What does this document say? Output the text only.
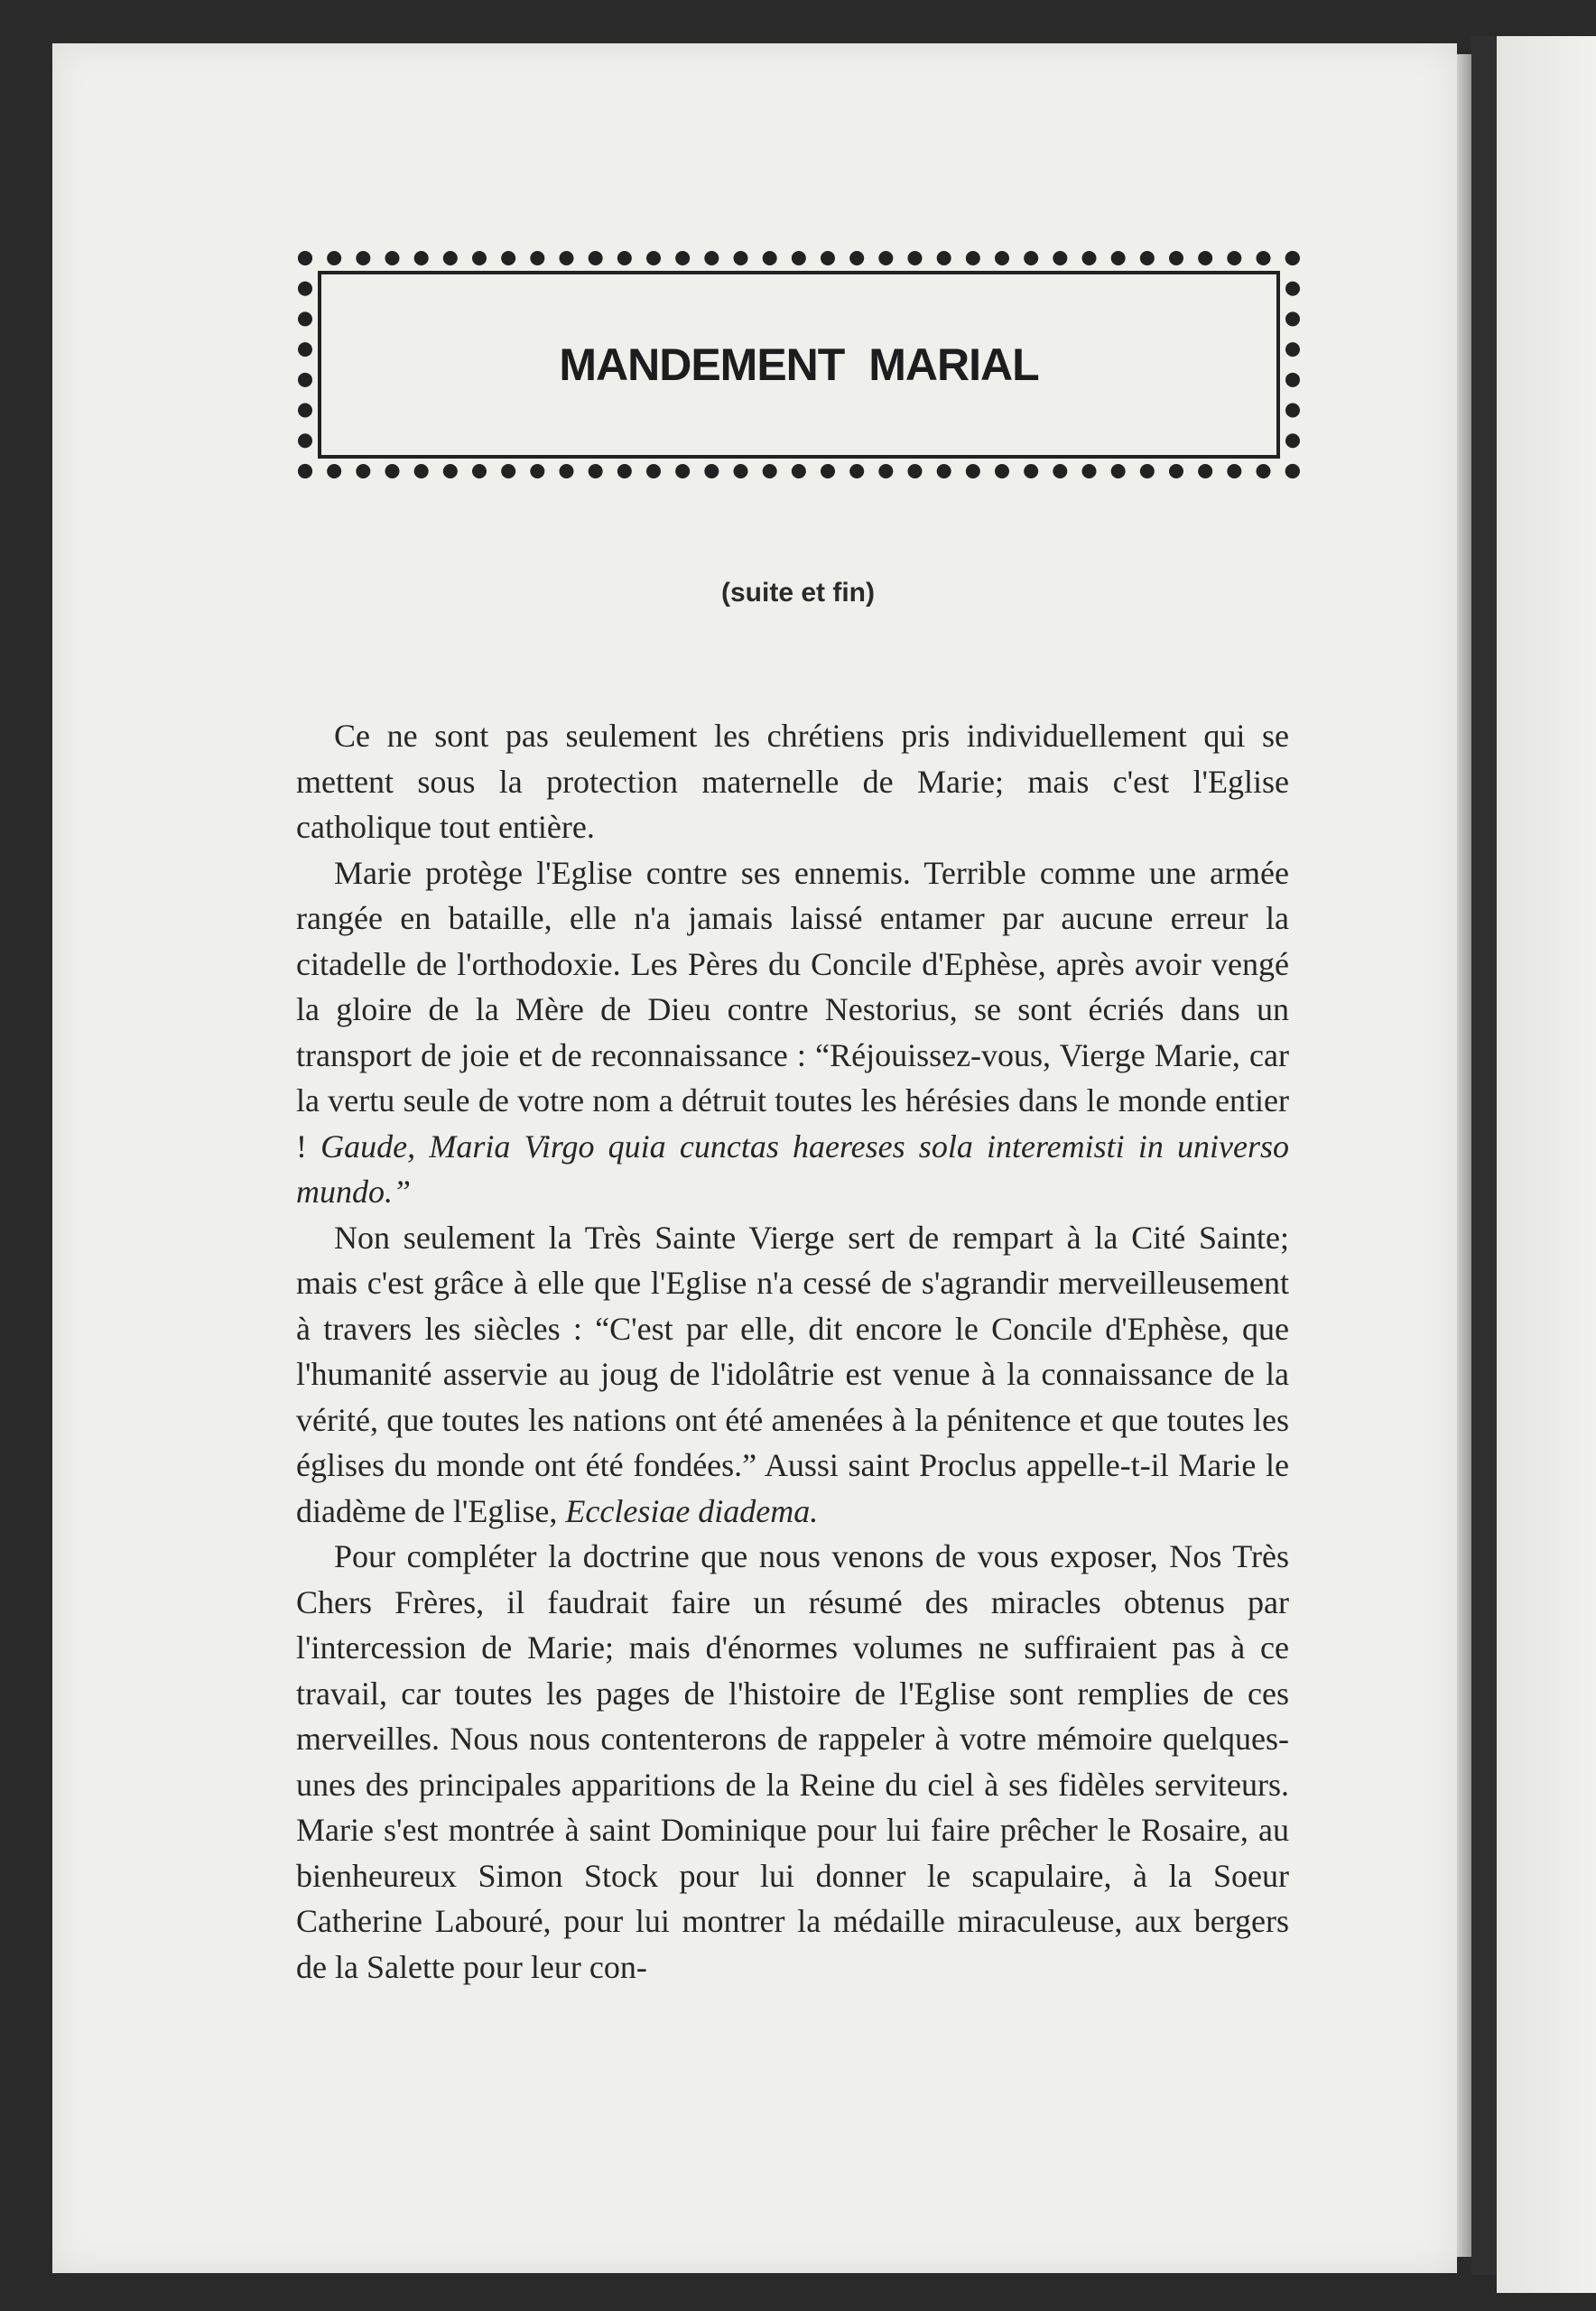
MANDEMENT MARIAL
(suite et fin)

Ce ne sont pas seulement les chrétiens pris individuellement qui se mettent sous la protection maternelle de Marie; mais c'est l'Eglise catholique tout entière.

Marie protège l'Eglise contre ses ennemis. Terrible comme une armée rangée en bataille, elle n'a jamais laissé entamer par aucune erreur la citadelle de l'orthodoxie. Les Pères du Concile d'Ephèse, après avoir vengé la gloire de la Mère de Dieu contre Nestorius, se sont écriés dans un transport de joie et de reconnaissance : “Réjouissez-vous, Vierge Marie, car la vertu seule de votre nom a détruit toutes les hérésies dans le monde entier ! Gaude, Maria Virgo quia cunctas haereses sola interemisti in universo mundo.”

Non seulement la Très Sainte Vierge sert de rempart à la Cité Sainte; mais c'est grâce à elle que l'Eglise n'a cessé de s'agrandir merveilleusement à travers les siècles : “C'est par elle, dit encore le Concile d'Ephèse, que l'humanité asservie au joug de l'idolâtrie est venue à la connaissance de la vérité, que toutes les nations ont été amenées à la pénitence et que toutes les églises du monde ont été fondées.” Aussi saint Proclus appelle-t-il Marie le diadème de l'Eglise, Ecclesiae diadema.

Pour compléter la doctrine que nous venons de vous exposer, Nos Très Chers Frères, il faudrait faire un résumé des miracles obtenus par l'intercession de Marie; mais d'énormes volumes ne suffiraient pas à ce travail, car toutes les pages de l'histoire de l'Eglise sont remplies de ces merveilles. Nous nous contenterons de rappeler à votre mémoire quelques-unes des principales apparitions de la Reine du ciel à ses fidèles serviteurs. Marie s'est montrée à saint Dominique pour lui faire prêcher le Rosaire, au bienheureux Simon Stock pour lui donner le scapulaire, à la Soeur Catherine Labouré, pour lui montrer la médaille miraculeuse, aux bergers de la Salette pour leur con-
